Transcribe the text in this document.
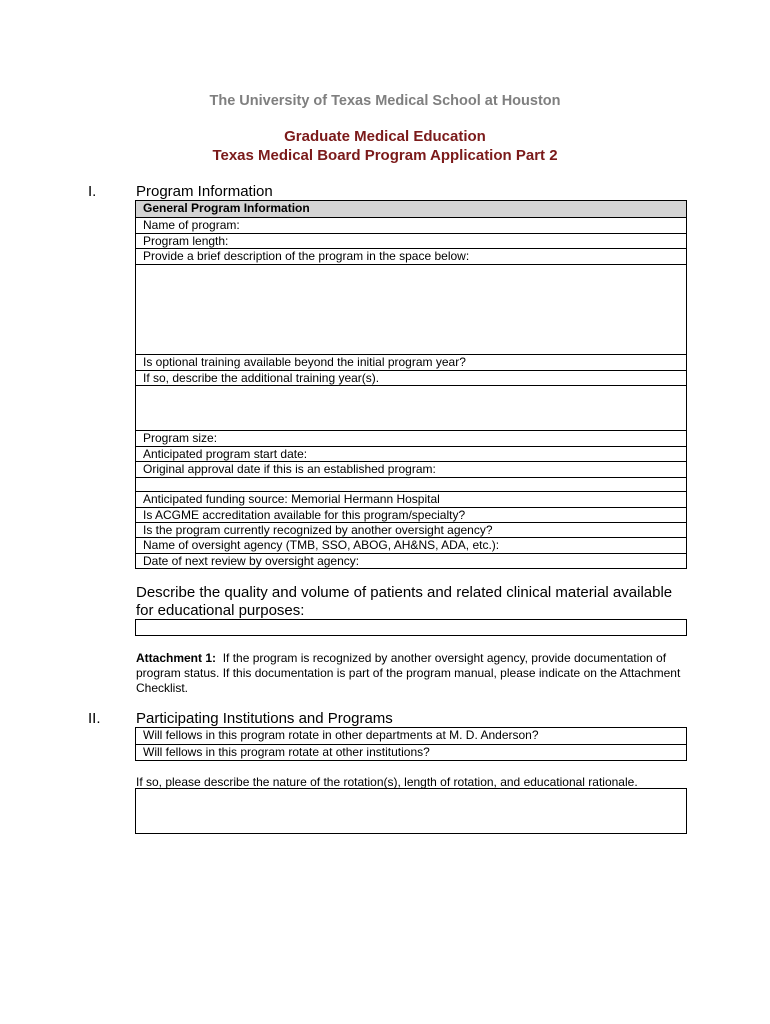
The University of Texas Medical School at Houston
Graduate Medical Education
Texas Medical Board Program Application Part 2
I.	Program Information
General Program Information
Name of program:
Program length:
Provide a brief description of the program in the space below:
Is optional training available beyond the initial program year?
If so, describe the additional training year(s).
Program size:
Anticipated program start date:
Original approval date if this is an established program:
Anticipated funding source: Memorial Hermann Hospital
Is ACGME accreditation available for this program/specialty?
Is the program currently recognized by another oversight agency?
Name of oversight agency (TMB, SSO, ABOG, AH&NS, ADA, etc.):
Date of next review by oversight agency:
Describe the quality and volume of patients and related clinical material available for educational purposes:
Attachment 1: If the program is recognized by another oversight agency, provide documentation of program status. If this documentation is part of the program manual, please indicate on the Attachment Checklist.
II. Participating Institutions and Programs
Will fellows in this program rotate in other departments at M. D. Anderson?
Will fellows in this program rotate at other institutions?
If so, please describe the nature of the rotation(s), length of rotation, and educational rationale.
